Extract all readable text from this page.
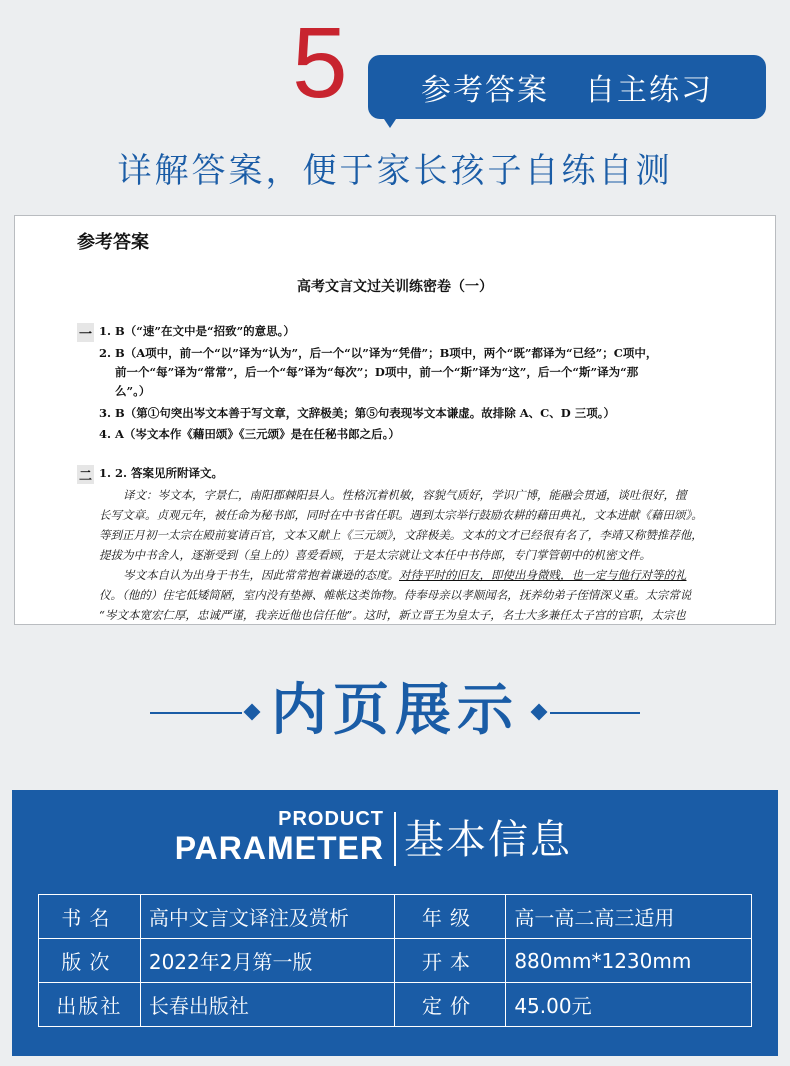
5 参考答案 自主练习
详解答案，便于家长孩子自练自测
参考答案
高考文言文过关训练密卷（一）
一 1. B（“速”在文中是“招致”的意思。）
2. B（A项中，前一个“以”译为“认为”，后一个“以”译为“凭借”；B项中，两个“既”都译为“已经”；C项中，
前一个“每”译为“常常”，后一个“每”译为“每次”；D项中，前一个“斯”译为“这”，后一个“斯”译为“那
么”。）
3. B（第①句突出岑文本善于写文章，文辞极美；第⑤句表现岑文本谦虚。故排除 A、C、D 三项。）
4. A（岑文本作《藉田颂》《三元颂》是在任秘书郎之后。）
二 1. 2. 答案见所附译文。
译文：岑文本，字景仁，南阳郡棘阳县人。性格沉着机敏，容貌气质好，学识广博，能融会贯通，谈吐很好，擅
长写文章。贞观元年，被任命为秘书郎，同时在中书省任职。遇到太宗举行鼓励农耕的藉田典礼，文本进献《藉田颂》。
等到正月初一太宗在殿前宴请百官，文本又献上《三元颂》，文辞极美。文本的文才已经很有名了，李靖又称赞推荐他，
提拔为中书舍人，逐渐受到（皇上的）喜爱看顾，于是太宗就让文本任中书侍郎，专门掌管朝中的机密文件。
岑文本自认为出身于书生，因此常常抱着谦逊的态度。对待平时的旧友，即使出身微贱，也一定与他行对等的礼
仪。（他的）住宅低矮简陋，室内没有垫褥、帷帐这类饰物。侍奉母亲以孝顺闻名，抚养幼弟子侄情深义重。太宗常说
“岑文本宽宏仁厚，忠诚严谨，我亲近他也信任他”。这时，新立晋王为皇太子，名士大多兼任太子宫的官职，太宗也
内页展示
PRODUCT
PARAMETER 基本信息
书名	高中文言文译注及赏析	年级	高一高二高三适用
版次	2022年2月第一版	开本	880mm*1230mm
出版社	长春出版社	定价	45.00元
